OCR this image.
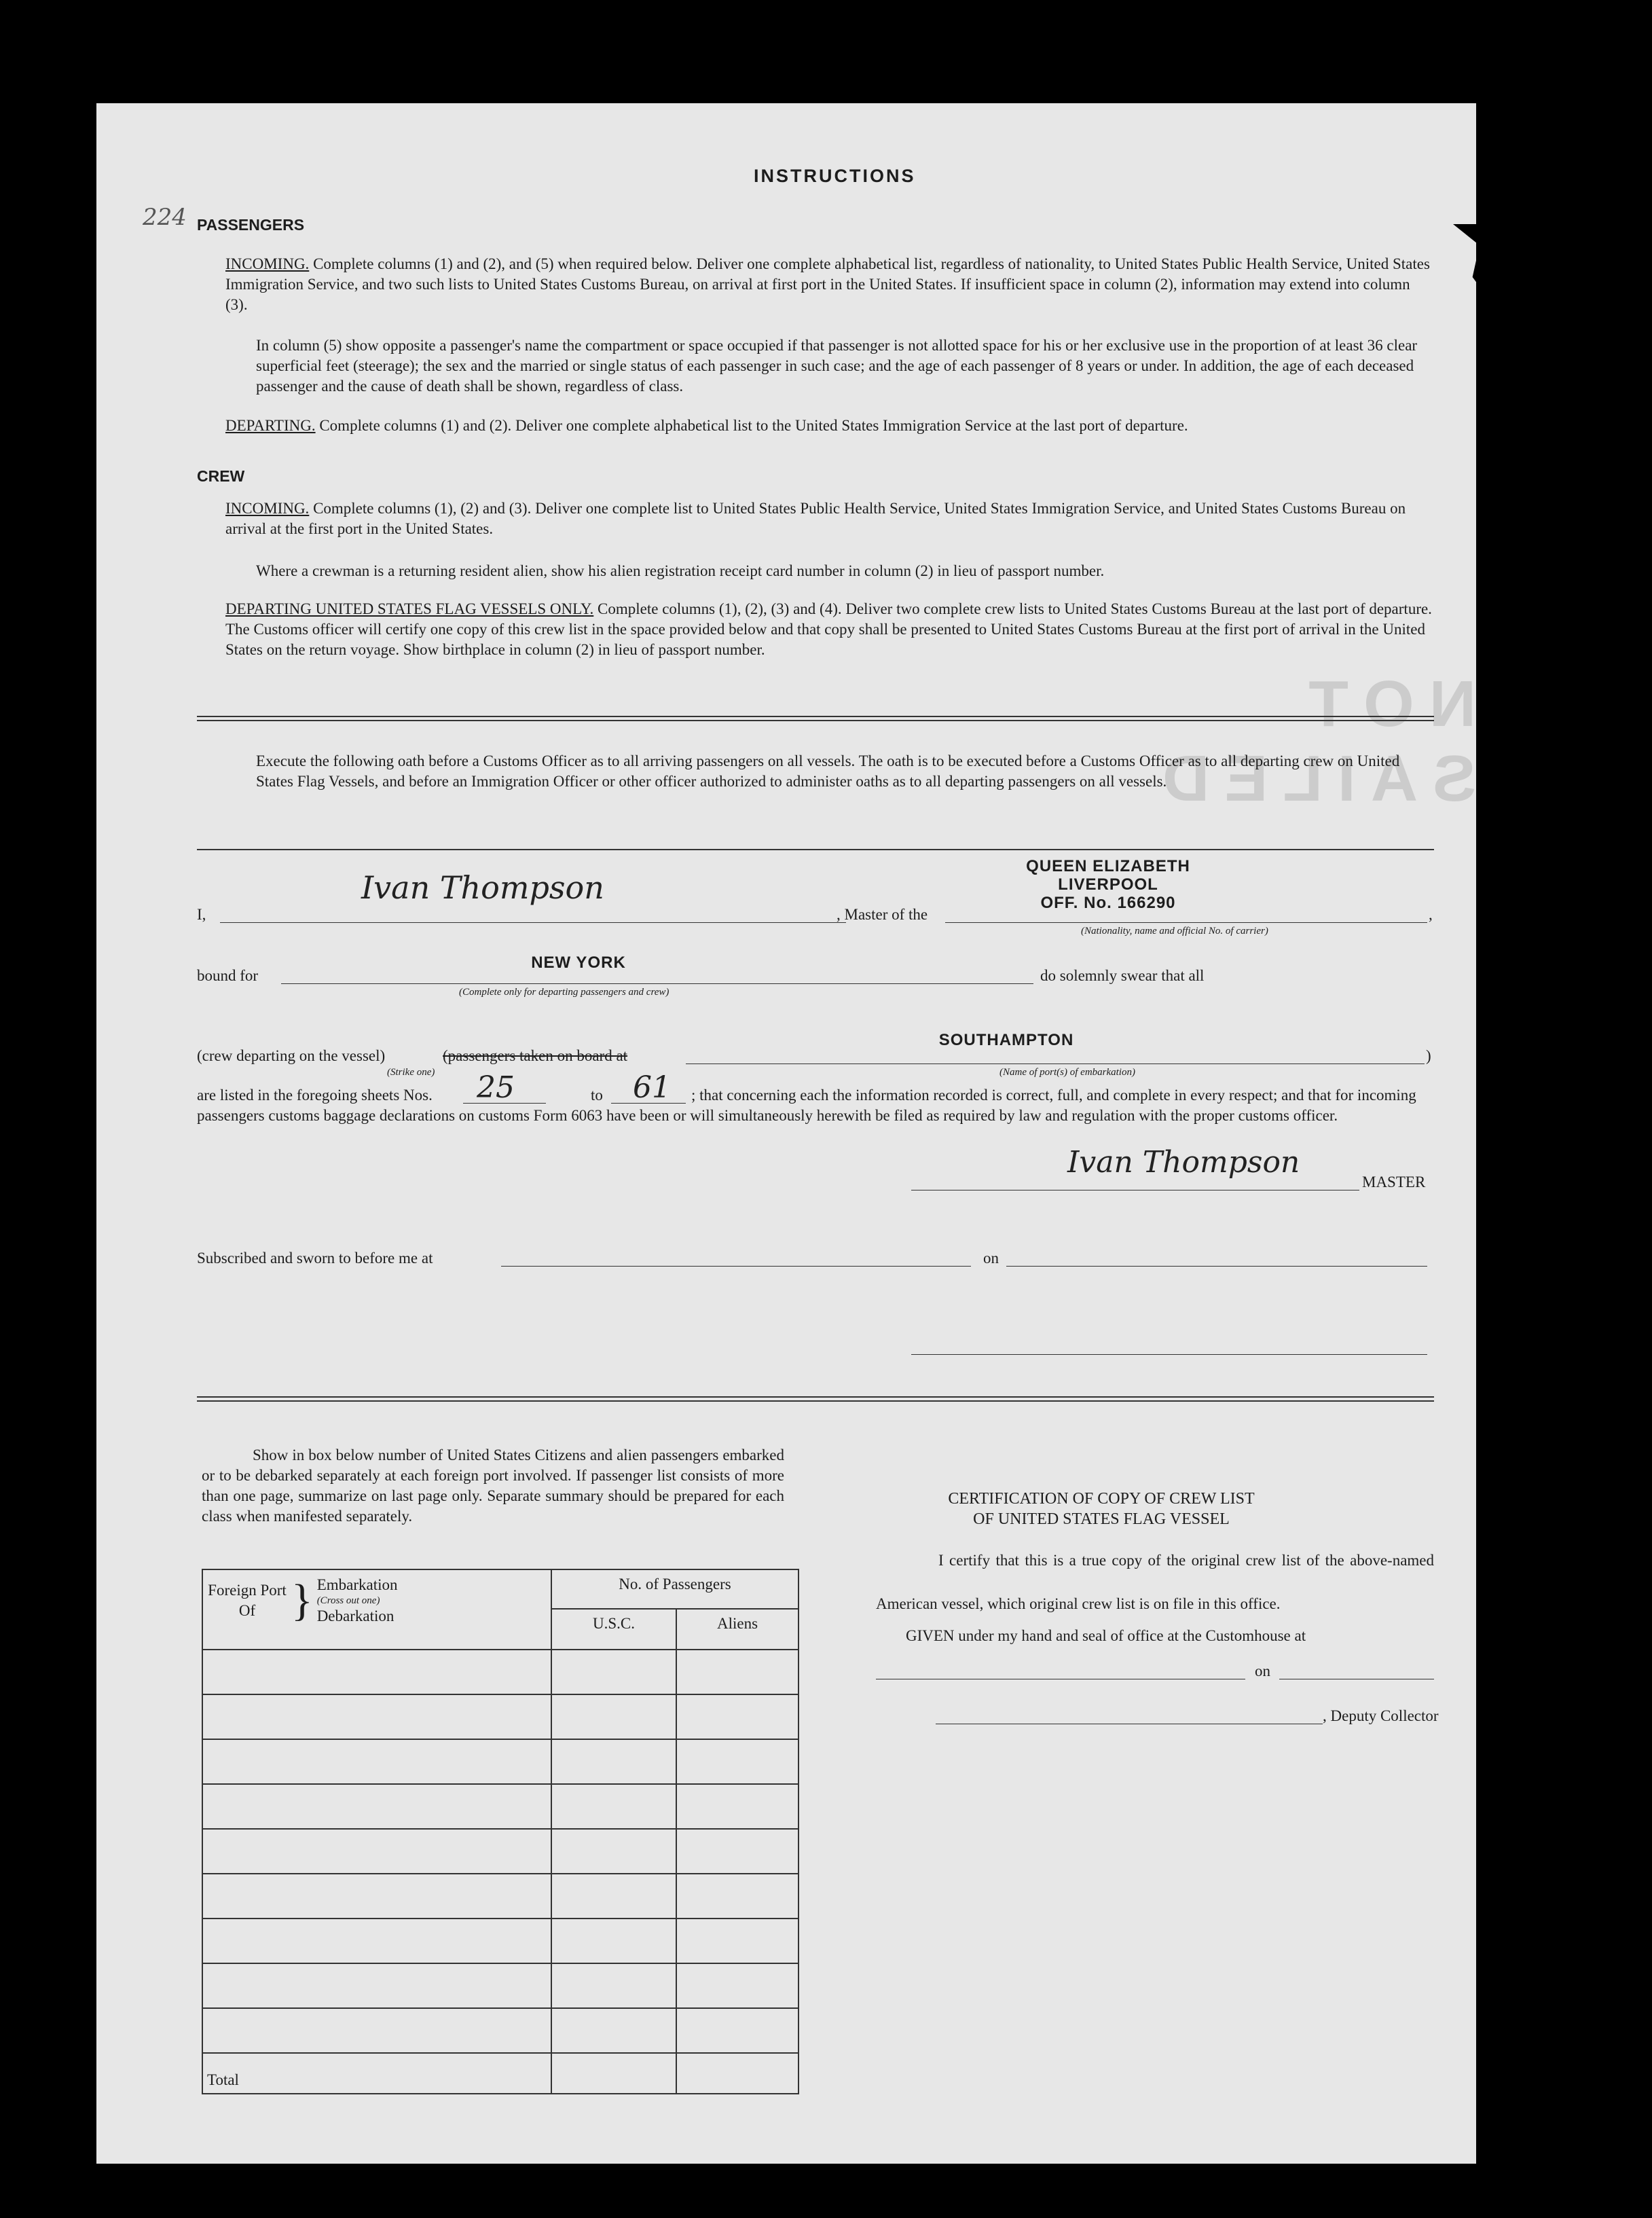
NOT SAILED
224
INSTRUCTIONS
PASSENGERS
INCOMING. Complete columns (1) and (2), and (5) when required below. Deliver one complete alphabetical list, regardless of nationality, to United States Public Health Service, United States Immigration Service, and two such lists to United States Customs Bureau, on arrival at first port in the United States. If insufficient space in column (2), information may extend into column (3).
In column (5) show opposite a passenger's name the compartment or space occupied if that passenger is not allotted space for his or her exclusive use in the proportion of at least 36 clear superficial feet (steerage); the sex and the married or single status of each passenger in such case; and the age of each passenger of 8 years or under. In addition, the age of each deceased passenger and the cause of death shall be shown, regardless of class.
DEPARTING. Complete columns (1) and (2). Deliver one complete alphabetical list to the United States Immigration Service at the last port of departure.
CREW
INCOMING. Complete columns (1), (2) and (3). Deliver one complete list to United States Public Health Service, United States Immigration Service, and United States Customs Bureau on arrival at the first port in the United States.
Where a crewman is a returning resident alien, show his alien registration receipt card number in column (2) in lieu of passport number.
DEPARTING UNITED STATES FLAG VESSELS ONLY. Complete columns (1), (2), (3) and (4). Deliver two complete crew lists to United States Customs Bureau at the last port of departure. The Customs officer will certify one copy of this crew list in the space provided below and that copy shall be presented to United States Customs Bureau at the first port of arrival in the United States on the return voyage. Show birthplace in column (2) in lieu of passport number.
Execute the following oath before a Customs Officer as to all arriving passengers on all vessels. The oath is to be executed before a Customs Officer as to all departing crew on United States Flag Vessels, and before an Immigration Officer or other officer authorized to administer oaths as to all departing passengers on all vessels.
I,
Ivan Thompson
, Master of the
QUEEN ELIZABETH
LIVERPOOL
OFF. No. 166290
,
(Nationality, name and official No. of carrier)
bound for
NEW YORK
(Complete only for departing passengers and crew)
do solemnly swear that all
(crew departing on the vessel)	(passengers taken on board at
(Strike one)
)
SOUTHAMPTON
(Name of port(s) of embarkation)
are listed in the foregoing sheets Nos. 25	to 61	; that concerning each the information recorded is correct, full, and complete in every respect; and that for incoming passengers customs baggage declarations on customs Form 6063 have been or will simultaneously herewith be filed as required by law and regulation with the proper customs officer.
Ivan Thompson
MASTER
Subscribed and sworn to before me at	on
Show in box below number of United States Citizens and alien passengers embarked or to be debarked separately at each foreign port involved. If passenger list consists of more than one page, summarize on last page only. Separate summary should be prepared for each class when manifested separately.
Foreign Port Of } Embarkation
(Cross out one)
Debarkation	No. of Passengers	
	U.S.C.	Aliens

Total		
CERTIFICATION OF COPY OF CREW LIST
OF UNITED STATES FLAG VESSEL
I certify that this is a true copy of the original crew list of the above-named American vessel, which original crew list is on file in this office.
GIVEN under my hand and seal of office at the Customhouse at
on
, Deputy Collector
